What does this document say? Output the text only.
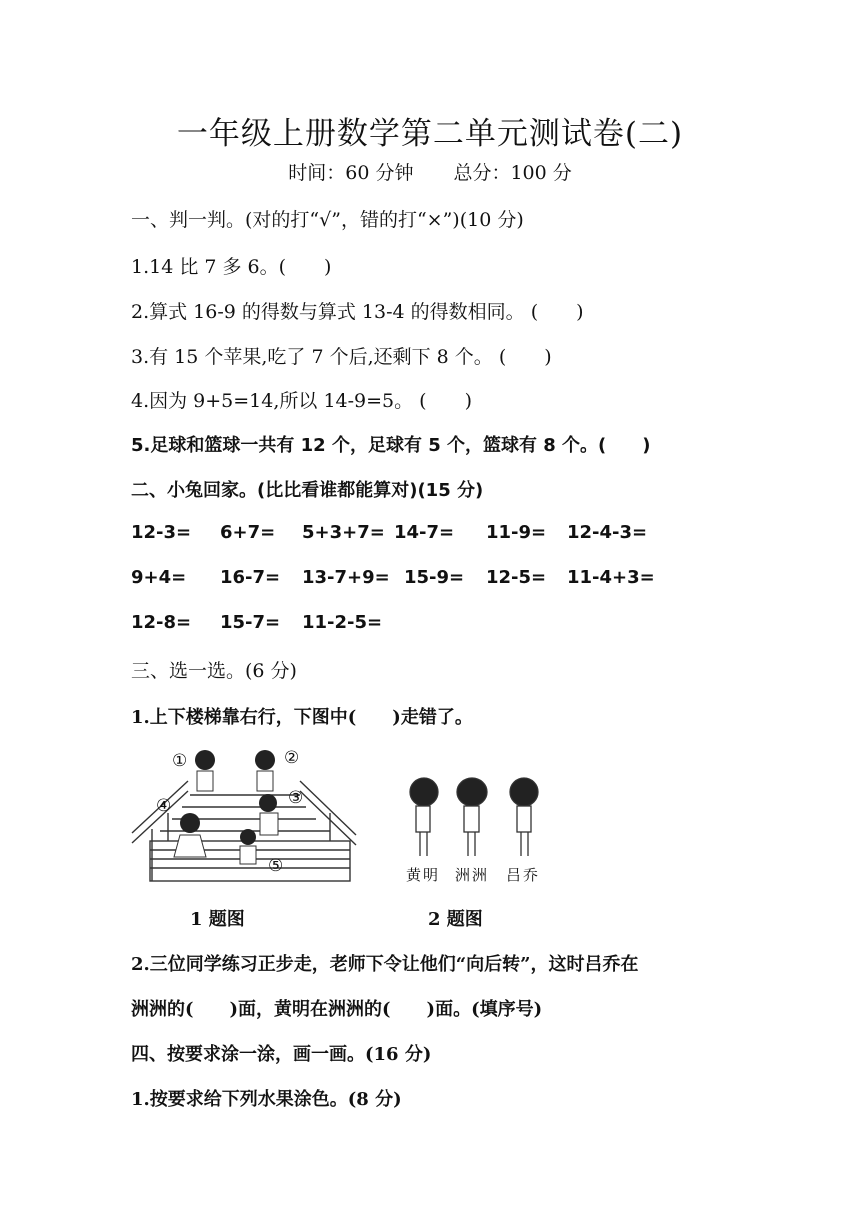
一年级上册数学第二单元测试卷(二)
时间：60 分钟 总分：100 分
一、判一判。(对的打“√”，错的打“×”)(10 分)
1.14 比 7 多 6。(　　)
2.算式 16-9 的得数与算式 13-4 的得数相同。 (　　)
3.有 15 个苹果,吃了 7 个后,还剩下 8 个。 (　　)
4.因为 9+5=14,所以 14-9=5。 (　　)
5.足球和篮球一共有 12 个，足球有 5 个，篮球有 8 个。(　　)
二、小兔回家。(比比看谁都能算对)(15 分)
12-3= 6+7= 5+3+7= 14-7= 11-9= 12-4-3=
9+4= 16-7= 13-7+9= 15-9= 12-5= 11-4+3=
12-8= 15-7= 11-2-5=
三、选一选。(6 分)
1.上下楼梯靠右行，下图中(　　)走错了。
①	②
③
④
⑤	黄明 洲洲 吕乔
1 题图	2 题图
2.三位同学练习正步走，老师下令让他们“向后转”，这时吕乔在
洲洲的(　　)面，黄明在洲洲的(　　)面。(填序号)
四、按要求涂一涂，画一画。(16 分)
1.按要求给下列水果涂色。(8 分)
